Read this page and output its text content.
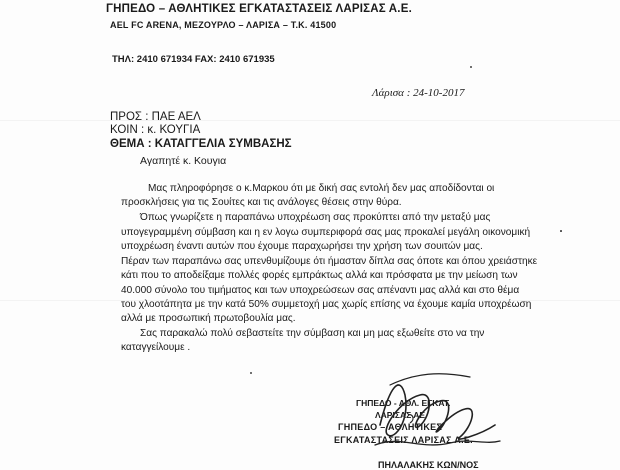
ΓΗΠΕΔΟ – ΑΘΛΗΤΙΚΕΣ ΕΓΚΑΤΑΣΤΑΣΕΙΣ ΛΑΡΙΣΑΣ Α.Ε.
AEL FC ARENA, ΜΕΖΟΥΡΛΟ – ΛΑΡΙΣΑ – Τ.Κ. 41500
ΤΗΛ: 2410 671934 FAX: 2410 671935
Λάρισα : 24-10-2017
ΠΡΟΣ : ΠΑΕ ΑΕΛ
ΚΟΙΝ : κ. ΚΟΥΓΙΑ
ΘΕΜΑ : ΚΑΤΑΓΓΕΛΙΑ ΣΥΜΒΑΣΗΣ
Αγαπητέ κ. Κουγια
Μας πληροφόρησε ο κ.Μαρκου ότι με δική σας εντολή δεν μας αποδίδονται οι
προσκλήσεις για τις Σουίτες και τις ανάλογες θέσεις στην θύρα.
Όπως γνωρίζετε η παραπάνω υποχρέωση σας προκύπτει από την μεταξύ μας
υπογεγραμμένη σύμβαση και η εν λογω συμπεριφορά σας μας προκαλεί μεγάλη οικονομική
υποχρέωση έναντι αυτών που έχουμε παραχωρήσει την χρήση των σουιτών μας.
Πέραν των παραπάνω σας υπενθυμίζουμε ότι ήμασταν δίπλα σας όποτε και όπου χρειάστηκε
κάτι που το αποδείξαμε πολλές φορές εμπράκτως αλλά και πρόσφατα με την μείωση των
40.000 σύνολο του τιμήματος και των υποχρεώσεων σας απέναντι μας αλλά και στο θέμα
του χλοοτάπητα με την κατά 50% συμμετοχή μας χωρίς επίσης να έχουμε καμία υποχρέωση
αλλά με προσωπική πρωτοβουλία μας.
Σας παρακαλώ πολύ σεβαστείτε την σύμβαση και μη μας εξωθείτε στο να την
καταγγείλουμε .
ΓΗΠΕΔΟ - ΑΘΛ. ΕΓΚΑΤ.
ΛΑΡΙΣΑΣ ΑΕ
ΓΗΠΕΔΟ – ΑΘΛΗΤΙΚΕΣ
ΕΓΚΑΤΑΣΤΑΣΕΙΣ ΛΑΡΙΣΑΣ Α.Ε.
ΠΗΛΑΛΑΚΗΣ ΚΩΝ/ΝΟΣ
